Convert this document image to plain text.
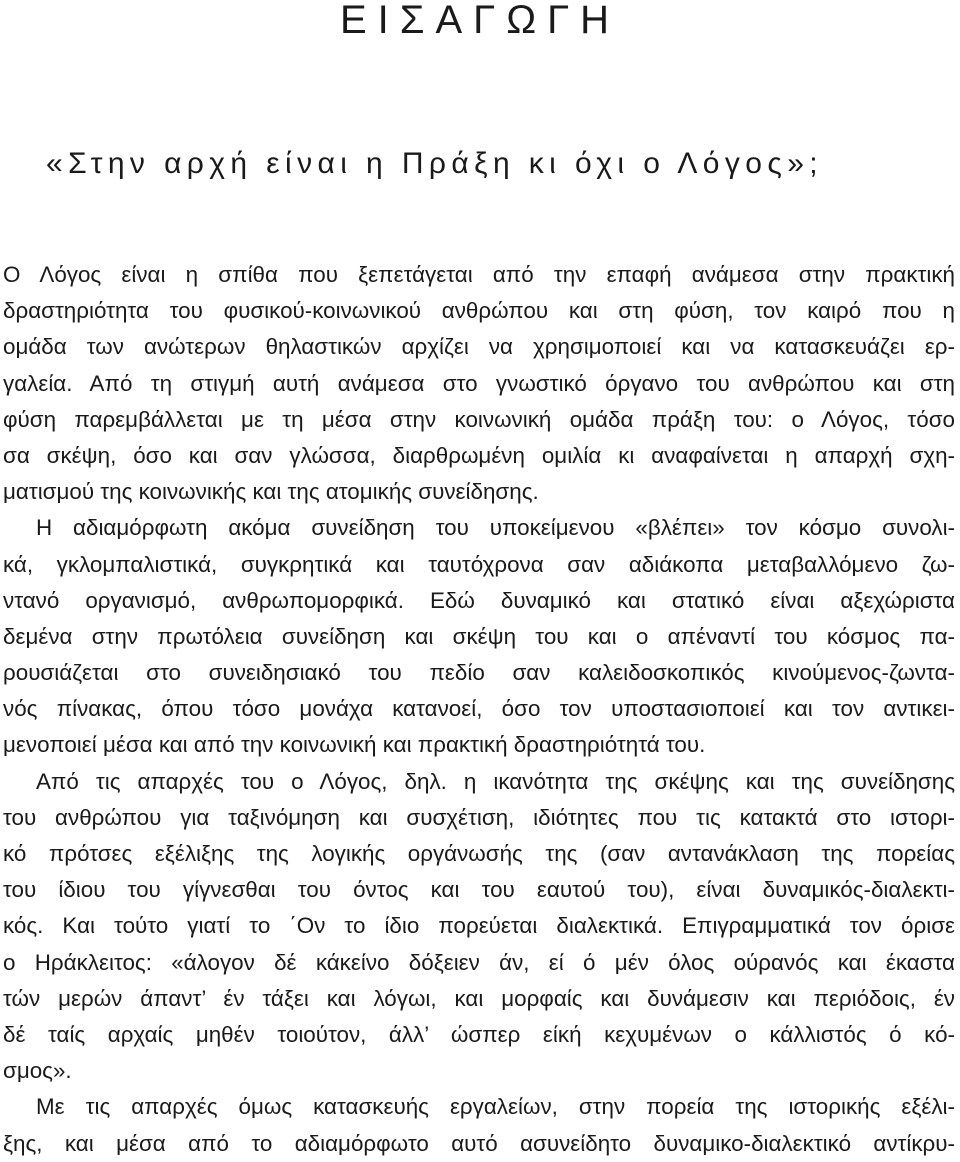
ΕΙΣΑΓΩΓΗ
«Στην αρχή είναι η Πράξη κι όχι ο Λόγος»;
Ο Λόγος είναι η σπίθα που ξεπετάγεται από την επαφή ανάμεσα στην πρακτική
δραστηριότητα του φυσικού-κοινωνικού ανθρώπου και στη φύση, τον καιρό που η
ομάδα των ανώτερων θηλαστικών αρχίζει να χρησιμοποιεί και να κατασκευάζει ερ-
γαλεία. Από τη στιγμή αυτή ανάμεσα στο γνωστικό όργανο του ανθρώπου και στη
φύση παρεμβάλλεται με τη μέσα στην κοινωνική ομάδα πράξη του: ο Λόγος, τόσο
σα σκέψη, όσο και σαν γλώσσα, διαρθρωμένη ομιλία κι αναφαίνεται η απαρχή σχη-
ματισμού της κοινωνικής και της ατομικής συνείδησης.
Η αδιαμόρφωτη ακόμα συνείδηση του υποκείμενου «βλέπει» τον κόσμο συνολι-
κά, γκλομπαλιστικά, συγκρητικά και ταυτόχρονα σαν αδιάκοπα μεταβαλλόμενο ζω-
ντανό οργανισμό, ανθρωπομορφικά. Εδώ δυναμικό και στατικό είναι αξεχώριστα
δεμένα στην πρωτόλεια συνείδηση και σκέψη του και ο απέναντί του κόσμος πα-
ρουσιάζεται στο συνειδησιακό του πεδίο σαν καλειδοσκοπικός κινούμενος-ζωντα-
νός πίνακας, όπου τόσο μονάχα κατανοεί, όσο τον υποστασιοποιεί και τον αντικει-
μενοποιεί μέσα και από την κοινωνική και πρακτική δραστηριότητά του.
Από τις απαρχές του ο Λόγος, δηλ. η ικανότητα της σκέψης και της συνείδησης
του ανθρώπου για ταξινόμηση και συσχέτιση, ιδιότητες που τις κατακτά στο ιστορι-
κό πρότσες εξέλιξης της λογικής οργάνωσής της (σαν αντανάκλαση της πορείας
του ίδιου του γίγνεσθαι του όντος και του εαυτού του), είναι δυναμικός-διαλεκτι-
κός. Και τούτο γιατί το ΄Ον το ίδιο πορεύεται διαλεκτικά. Επιγραμματικά τον όρισε
ο Ηράκλειτος: «άλογον δέ κάκείνο δόξειεν άν, εί ό μέν όλος ούρανός και έκαστα
τών μερών άπαντ’ έν τάξει και λόγωι, και μορφαίς και δυνάμεσιν και περιόδοις, έν
δέ ταίς αρχαίς μηθέν τοιούτον, άλλ’ ώσπερ είκή κεχυμένων ο κάλλιστός ό κό-
σμος».
Με τις απαρχές όμως κατασκευής εργαλείων, στην πορεία της ιστορικής εξέλι-
ξης, και μέσα από το αδιαμόρφωτο αυτό ασυνείδητο δυναμικο-διαλεκτικό αντίκρυ-
